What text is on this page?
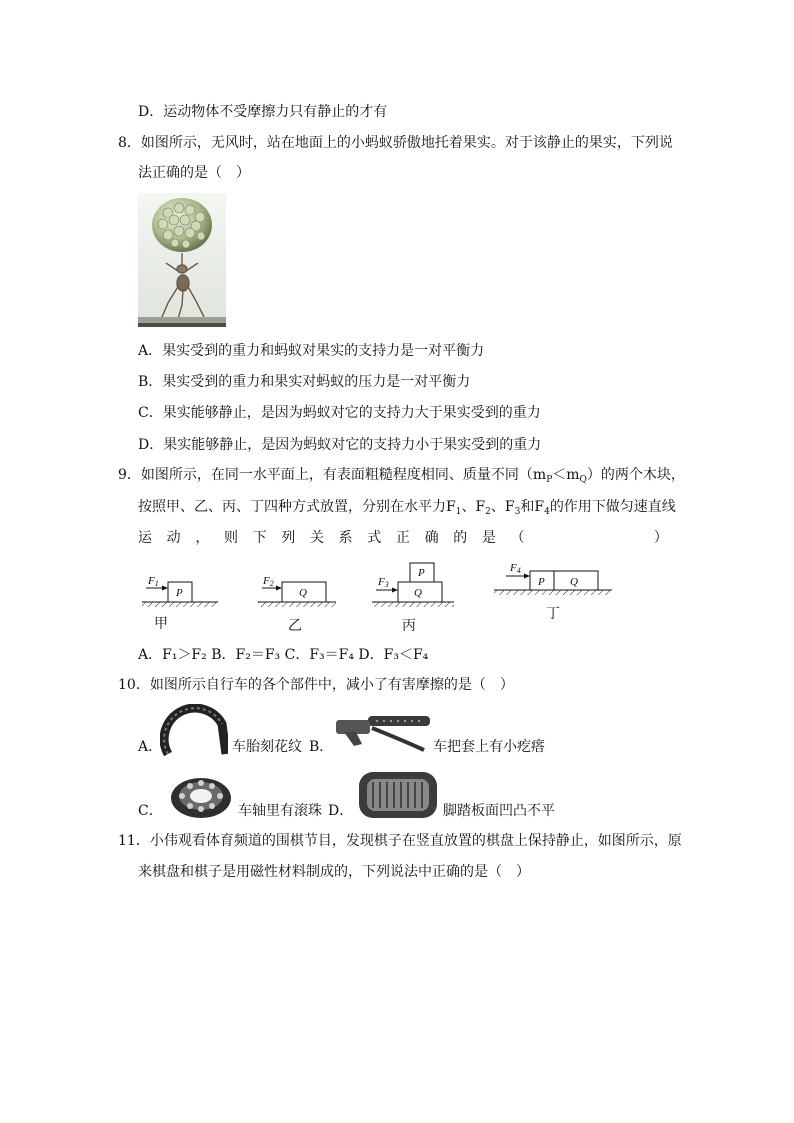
D．运动物体不受摩擦力只有静止的才有
8．如图所示，无风时，站在地面上的小蚂蚁骄傲地托着果实。对于该静止的果实，下列说
法正确的是（　）
A．果实受到的重力和蚂蚁对果实的支持力是一对平衡力
B．果实受到的重力和果实对蚂蚁的压力是一对平衡力
C．果实能够静止，是因为蚂蚁对它的支持力大于果实受到的重力
D．果实能够静止，是因为蚂蚁对它的支持力小于果实受到的重力
9．如图所示，在同一水平面上，有表面粗糙程度相同、质量不同$(m_P<m_Q)$的两个木块，
按照甲、乙、丙、丁四种方式放置，分别在水平力$F_1$、$F_2$、$F_3$和$F_4$的作用下做匀速直线
运 动 ， 则 下 列 关 系 式 正 确 的 是 （

　	）
P
F1
甲
Q
F2
乙
Q
P
F3
丙
P Q
F4
丁
A．F₁＞F₂ B．F₂＝F₃ C．F₃＝F₄ D．F₃＜F₄
10．如图所示自行车的各个部件中，减小了有害摩擦的是（　）
A．	车胎刻花纹 B．	车把套上有小疙瘩
C．	车轴里有滚珠 D．	脚踏板面凹凸不平
11．小伟观看体育频道的围棋节目，发现棋子在竖直放置的棋盘上保持静止，如图所示，原
来棋盘和棋子是用磁性材料制成的，下列说法中正确的是（　）
